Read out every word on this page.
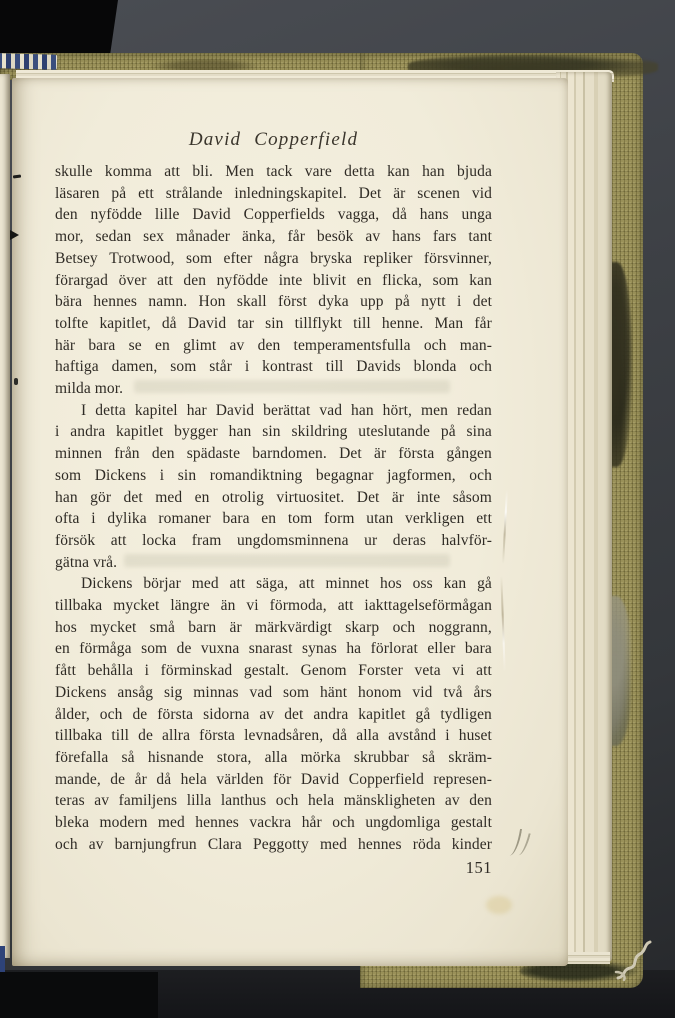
David Copperfield
skulle komma att bli. Men tack vare detta kan han bjuda
läsaren på ett strålande inledningskapitel. Det är scenen vid
den nyfödde lille David Copperfields vagga, då hans unga
mor, sedan sex månader änka, får besök av hans fars tant
Betsey Trotwood, som efter några bryska repliker försvinner,
förargad över att den nyfödde inte blivit en flicka, som kan
bära hennes namn. Hon skall först dyka upp på nytt i det
tolfte kapitlet, då David tar sin tillflykt till henne. Man får
här bara se en glimt av den temperamentsfulla och man-
haftiga damen, som står i kontrast till Davids blonda och
milda mor.
I detta kapitel har David berättat vad han hört, men redan
i andra kapitlet bygger han sin skildring uteslutande på sina
minnen från den spädaste barndomen. Det är första gången
som Dickens i sin romandiktning begagnar jagformen, och
han gör det med en otrolig virtuositet. Det är inte såsom
ofta i dylika romaner bara en tom form utan verkligen ett
försök att locka fram ungdomsminnena ur deras halvför-
gätna vrå.
Dickens börjar med att säga, att minnet hos oss kan gå
tillbaka mycket längre än vi förmoda, att iakttagelseförmågan
hos mycket små barn är märkvärdigt skarp och noggrann,
en förmåga som de vuxna snarast synas ha förlorat eller bara
fått behålla i förminskad gestalt. Genom Forster veta vi att
Dickens ansåg sig minnas vad som hänt honom vid två års
ålder, och de första sidorna av det andra kapitlet gå tydligen
tillbaka till de allra första levnadsåren, då alla avstånd i huset
förefalla så hisnande stora, alla mörka skrubbar så skräm-
mande, de år då hela världen för David Copperfield represen-
teras av familjens lilla lanthus och hela mänskligheten av den
bleka modern med hennes vackra hår och ungdomliga gestalt
och av barnjungfrun Clara Peggotty med hennes röda kinder
151
